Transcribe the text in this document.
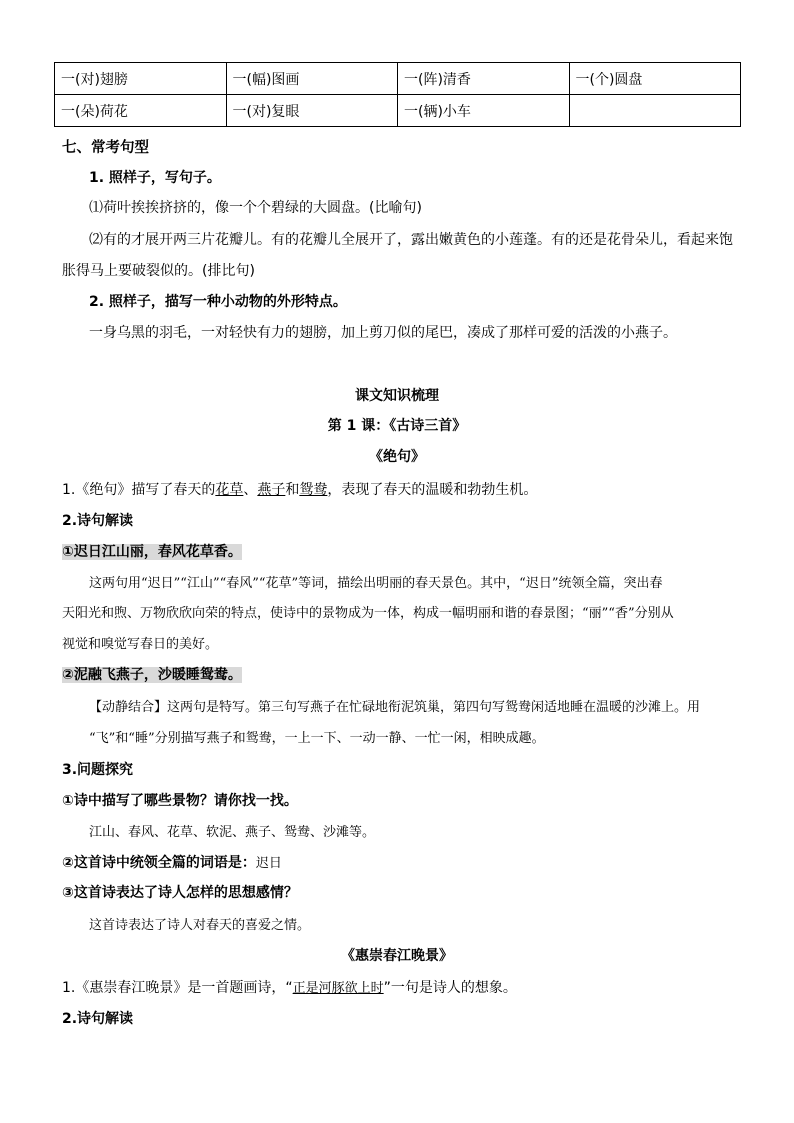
一(对)翅膀	一(幅)图画	一(阵)清香	一(个)圆盘
一(朵)荷花	一(对)复眼	一(辆)小车	
七、常考句型
1. 照样子，写句子。
⑴荷叶挨挨挤挤的，像一个个碧绿的大圆盘。(比喻句)
⑵有的才展开两三片花瓣儿。有的花瓣儿全展开了，露出嫩黄色的小莲蓬。有的还是花骨朵儿，看起来饱
胀得马上要破裂似的。(排比句)
2. 照样子，描写一种小动物的外形特点。
一身乌黑的羽毛，一对轻快有力的翅膀，加上剪刀似的尾巴，凑成了那样可爱的活泼的小燕子。
课文知识梳理
第 1 课：《古诗三首》
《绝句》
1.《绝句》描写了春天的花草、燕子和鸳鸯，表现了春天的温暖和勃勃生机。
2.诗句解读
①迟日江山丽，春风花草香。
这两句用“迟日”“江山”“春风”“花草”等词，描绘出明丽的春天景色。其中，“迟日”统领全篇，突出春
天阳光和煦、万物欣欣向荣的特点，使诗中的景物成为一体，构成一幅明丽和谐的春景图；“丽”“香”分别从
视觉和嗅觉写春日的美好。
②泥融飞燕子，沙暖睡鸳鸯。
【动静结合】这两句是特写。第三句写燕子在忙碌地衔泥筑巢，第四句写鸳鸯闲适地睡在温暖的沙滩上。用
“飞”和“睡”分别描写燕子和鸳鸯，一上一下、一动一静、一忙一闲，相映成趣。
3.问题探究
①诗中描写了哪些景物？请你找一找。
江山、春风、花草、软泥、燕子、鸳鸯、沙滩等。
②这首诗中统领全篇的词语是：迟日
③这首诗表达了诗人怎样的思想感情？
这首诗表达了诗人对春天的喜爱之情。
《惠崇春江晚景》
1.《惠崇春江晚景》是一首题画诗，“正是河豚欲上时”一句是诗人的想象。
2.诗句解读
